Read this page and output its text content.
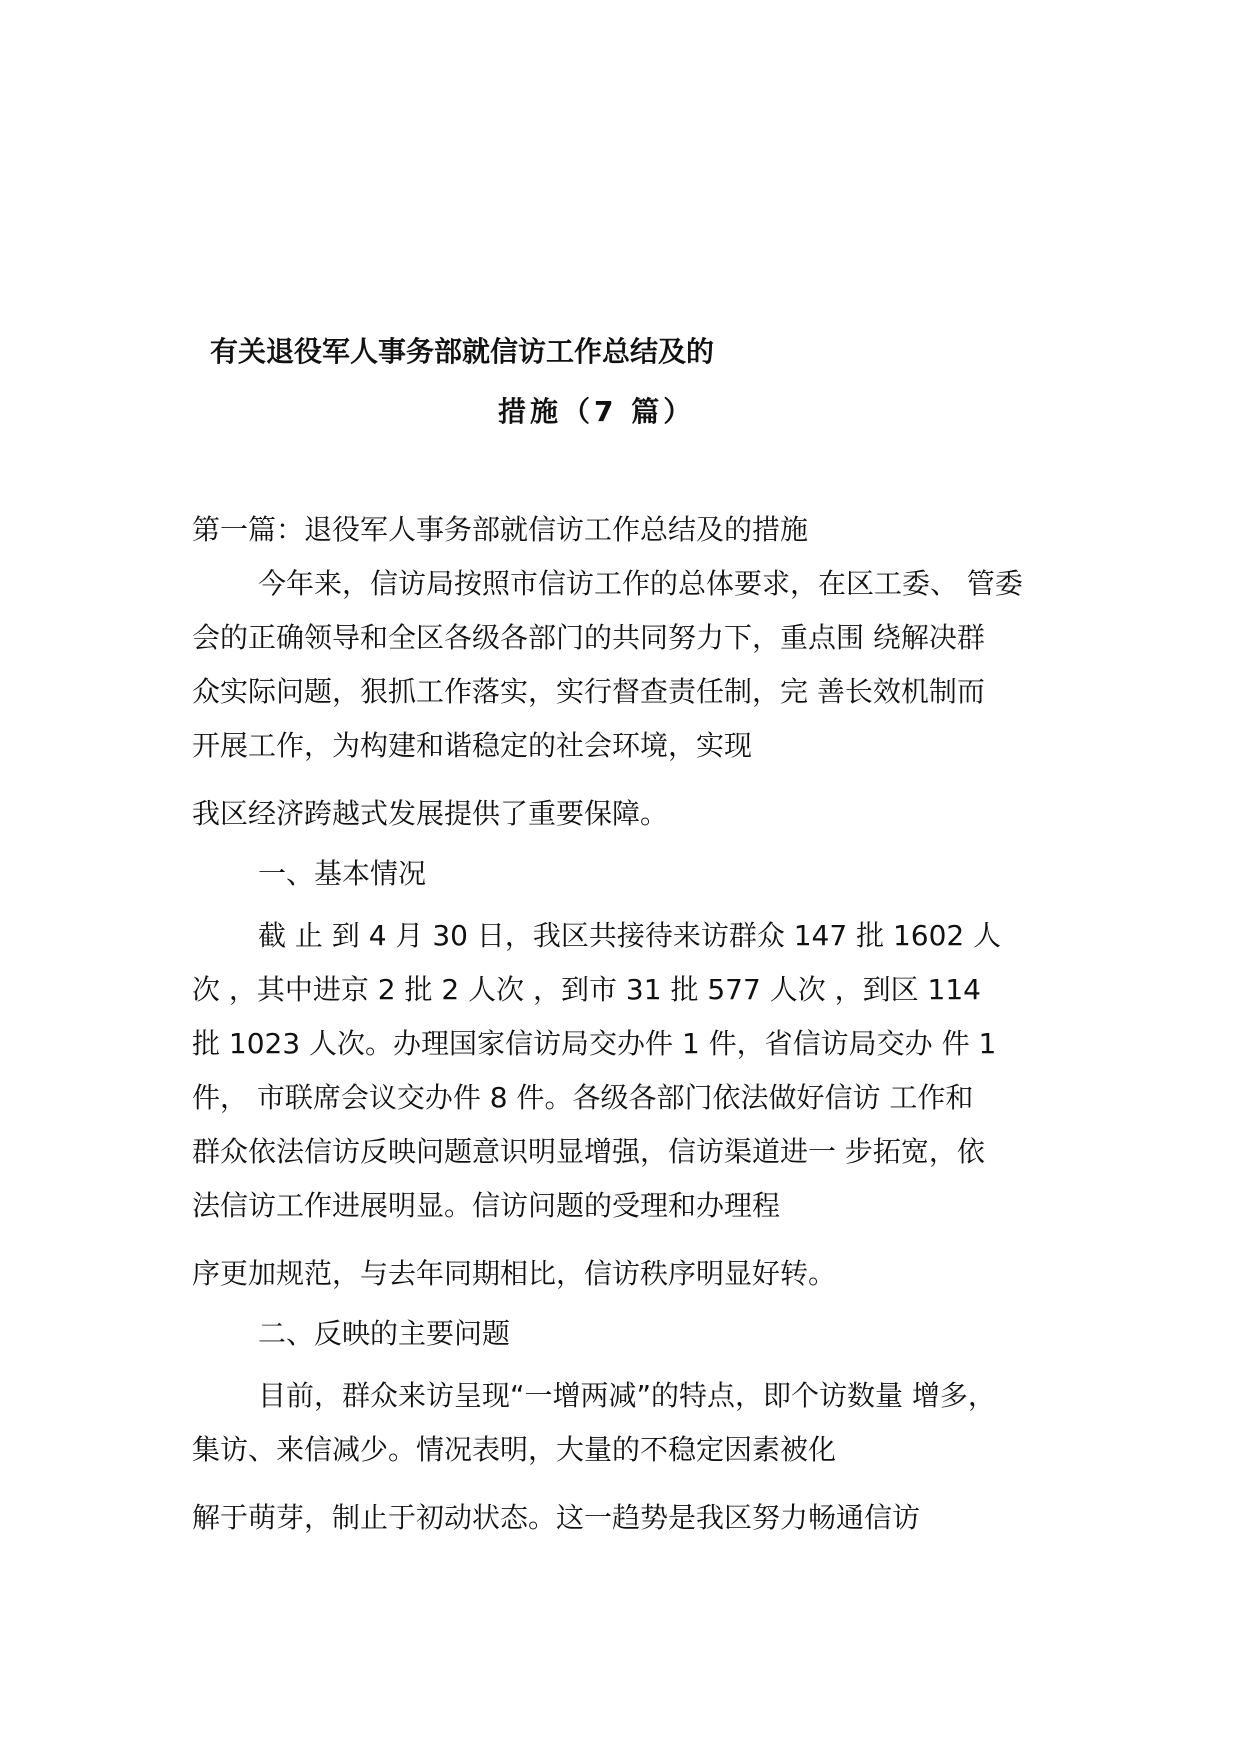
有关退役军人事务部就信访工作总结及的
措施（7 篇）
第一篇：退役军人事务部就信访工作总结及的措施
今年来，信访局按照市信访工作的总体要求，在区工委、 管委
会的正确领导和全区各级各部门的共同努力下，重点围 绕解决群
众实际问题，狠抓工作落实，实行督查责任制，完 善长效机制而
开展工作，为构建和谐稳定的社会环境，实现
我区经济跨越式发展提供了重要保障。
一、基本情况
截 止 到 4 月 30 日，我区共接待来访群众 147 批 1602 人
次 ，其中进京 2 批 2 人次 ，到市 31 批 577 人次 ，到区 114
批 1023 人次。办理国家信访局交办件 1 件，省信访局交办 件 1
件， 市联席会议交办件 8 件。各级各部门依法做好信访 工作和
群众依法信访反映问题意识明显增强，信访渠道进一 步拓宽，依
法信访工作进展明显。信访问题的受理和办理程
序更加规范，与去年同期相比，信访秩序明显好转。
二、反映的主要问题
目前，群众来访呈现“一增两减”的特点，即个访数量 增多，
集访、来信减少。情况表明，大量的不稳定因素被化
解于萌芽，制止于初动状态。这一趋势是我区努力畅通信访
